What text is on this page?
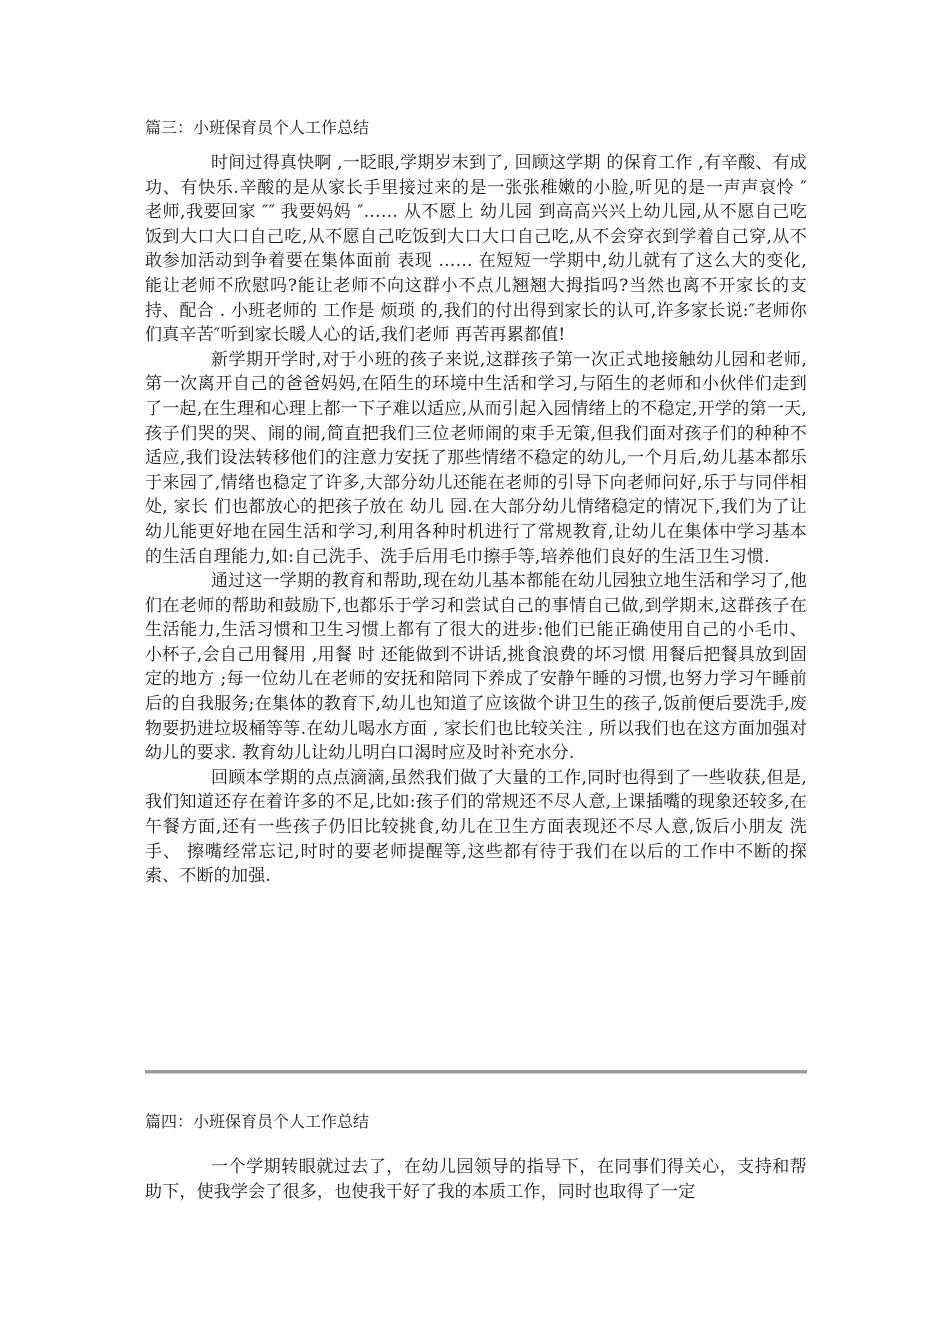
篇三：小班保育员个人工作总结

时间过得真快啊 ,一眨眼,学期岁末到了, 回顾这学期 的保育工作 ,有辛酸、有成功、有快乐.辛酸的是从家长手里接过来的是一张张稚嫩的小脸,听见的是一声声哀怜 ″ 老师,我要回家 ″″ 我要妈妈 ″…… 从不愿上 幼儿园 到高高兴兴上幼儿园,从不愿自己吃饭到大口大口自己吃,从不愿自己吃饭到大口大口自己吃,从不会穿衣到学着自己穿,从不敢参加活动到争着要在集体面前 表现 …… 在短短一学期中,幼儿就有了这么大的变化,能让老师不欣慰吗?能让老师不向这群小不点儿翘翘大拇指吗?当然也离不开家长的支持、配合 . 小班老师的 工作是 烦琐 的,我们的付出得到家长的认可,许多家长说:″老师你们真辛苦″听到家长暖人心的话,我们老师 再苦再累都值!

新学期开学时,对于小班的孩子来说,这群孩子第一次正式地接触幼儿园和老师,第一次离开自己的爸爸妈妈,在陌生的环境中生活和学习,与陌生的老师和小伙伴们走到了一起,在生理和心理上都一下子难以适应,从而引起入园情绪上的不稳定,开学的第一天,孩子们哭的哭、闹的闹,简直把我们三位老师闹的束手无策,但我们面对孩子们的种种不适应,我们设法转移他们的注意力安抚了那些情绪不稳定的幼儿,一个月后,幼儿基本都乐于来园了,情绪也稳定了许多,大部分幼儿还能在老师的引导下向老师问好,乐于与同伴相处, 家长 们也都放心的把孩子放在 幼儿 园.在大部分幼儿情绪稳定的情况下,我们为了让幼儿能更好地在园生活和学习,利用各种时机进行了常规教育,让幼儿在集体中学习基本的生活自理能力,如:自己洗手、洗手后用毛巾擦手等,培养他们良好的生活卫生习惯.

通过这一学期的教育和帮助,现在幼儿基本都能在幼儿园独立地生活和学习了,他们在老师的帮助和鼓励下,也都乐于学习和尝试自己的事情自己做,到学期末,这群孩子在生活能力,生活习惯和卫生习惯上都有了很大的进步:他们已能正确使用自己的小毛巾、小杯子,会自己用餐用 ,用餐 时 还能做到不讲话,挑食浪费的坏习惯 用餐后把餐具放到固定的地方 ;每一位幼儿在老师的安抚和陪同下养成了安静午睡的习惯,也努力学习午睡前后的自我服务;在集体的教育下,幼儿也知道了应该做个讲卫生的孩子,饭前便后要洗手,废物要扔进垃圾桶等等.在幼儿喝水方面 , 家长们也比较关注 , 所以我们也在这方面加强对幼儿的要求. 教育幼儿让幼儿明白口渴时应及时补充水分.

回顾本学期的点点滴滴,虽然我们做了大量的工作,同时也得到了一些收获,但是,我们知道还存在着许多的不足,比如:孩子们的常规还不尽人意,上课插嘴的现象还较多,在午餐方面,还有一些孩子仍旧比较挑食,幼儿在卫生方面表现还不尽人意,饭后小朋友 洗手、 擦嘴经常忘记,时时的要老师提醒等,这些都有待于我们在以后的工作中不断的探索、不断的加强.

篇四：小班保育员个人工作总结

一个学期转眼就过去了，在幼儿园领导的指导下，在同事们得关心，支持和帮助下，使我学会了很多，也使我干好了我的本质工作，同时也取得了一定
